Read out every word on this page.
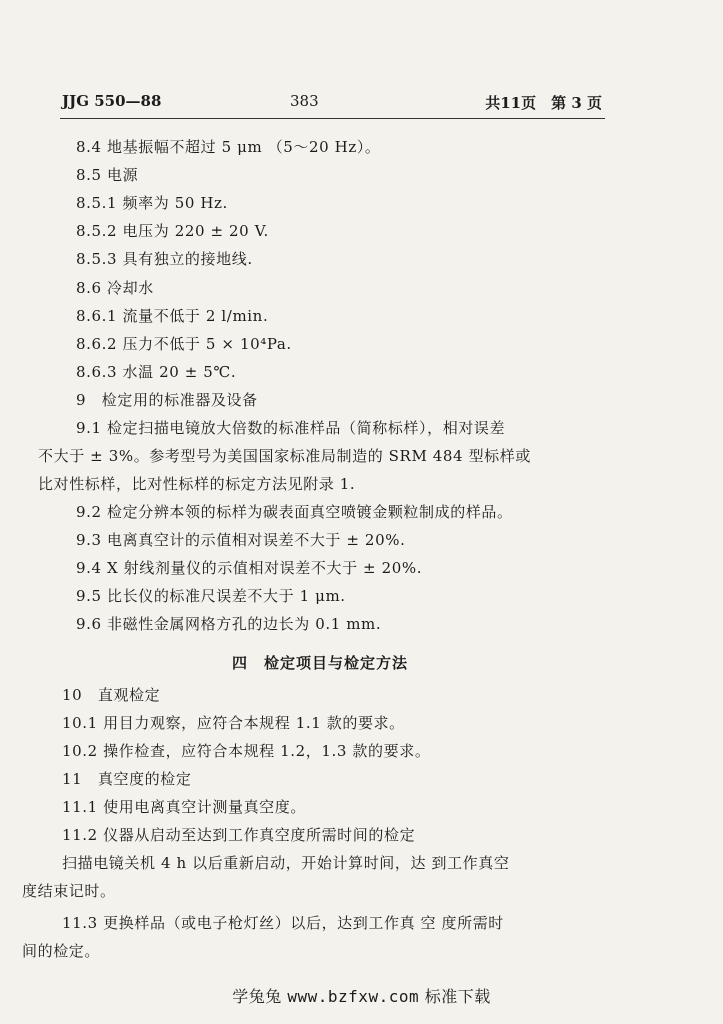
JJG 550—88	383	共11页　第 3 页
8.4 地基振幅不超过 5 μm （5～20 Hz）。
8.5 电源
8.5.1 频率为 50 Hz.
8.5.2 电压为 220 ± 20 V.
8.5.3 具有独立的接地线.
8.6 冷却水
8.6.1 流量不低于 2 l/min.
8.6.2 压力不低于 5 × 10⁴Pa.
8.6.3 水温 20 ± 5℃.
9　检定用的标准器及设备
9.1 检定扫描电镜放大倍数的标准样品（简称标样），相对误差
不大于 ± 3%。参考型号为美国国家标准局制造的 SRM 484 型标样或
比对性标样，比对性标样的标定方法见附录 1.
9.2 检定分辨本领的标样为碳表面真空喷镀金颗粒制成的样品。
9.3 电离真空计的示值相对误差不大于 ± 20%.
9.4 X 射线剂量仪的示值相对误差不大于 ± 20%.
9.5 比长仪的标准尺误差不大于 1 μm.
9.6 非磁性金属网格方孔的边长为 0.1 mm.
四　检定项目与检定方法
10　直观检定
10.1 用目力观察，应符合本规程 1.1 款的要求。
10.2 操作检查，应符合本规程 1.2，1.3 款的要求。
11　真空度的检定
11.1 使用电离真空计测量真空度。
11.2 仪器从启动至达到工作真空度所需时间的检定
扫描电镜关机 4 h 以后重新启动，开始计算时间，达 到工作真空
度结束记时。
11.3 更换样品（或电子枪灯丝）以后，达到工作真 空 度所需时
间的检定。
学兔兔 www.bzfxw.com 标准下载
